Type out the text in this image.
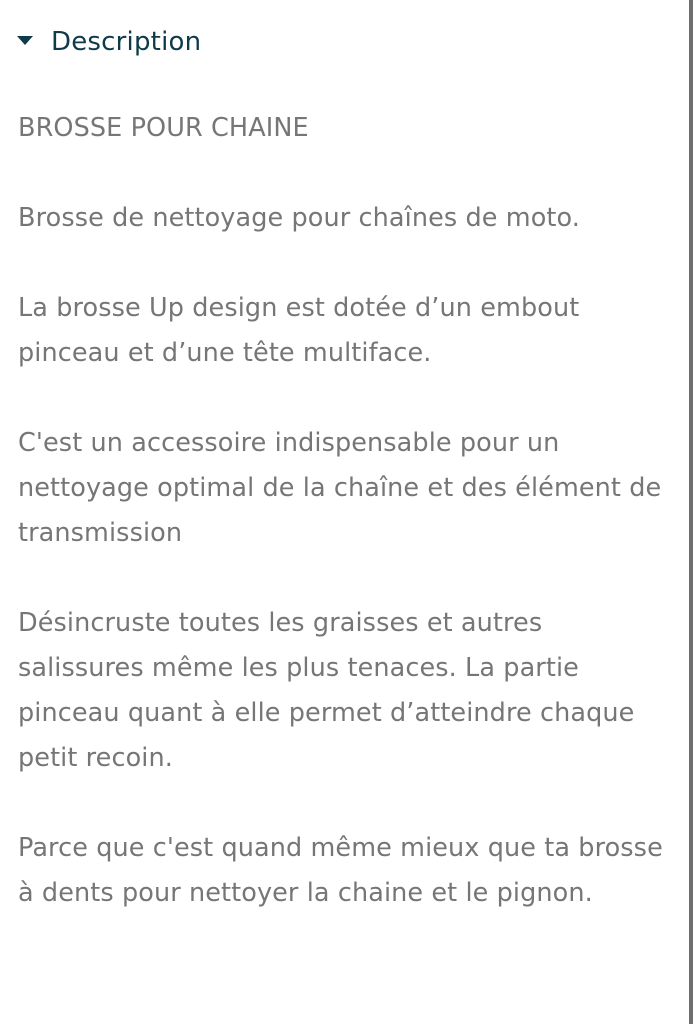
Description

BROSSE POUR CHAINE

Brosse de nettoyage pour chaînes de moto.

La brosse Up design est dotée d’un embout pinceau et d’une tête multiface.

C'est un accessoire indispensable pour un nettoyage optimal de la chaîne et des élément de transmission

Désincruste toutes les graisses et autres salissures même les plus tenaces. La partie pinceau quant à elle permet d’atteindre chaque petit recoin.

Parce que c'est quand même mieux que ta brosse à dents pour nettoyer la chaine et le pignon.
